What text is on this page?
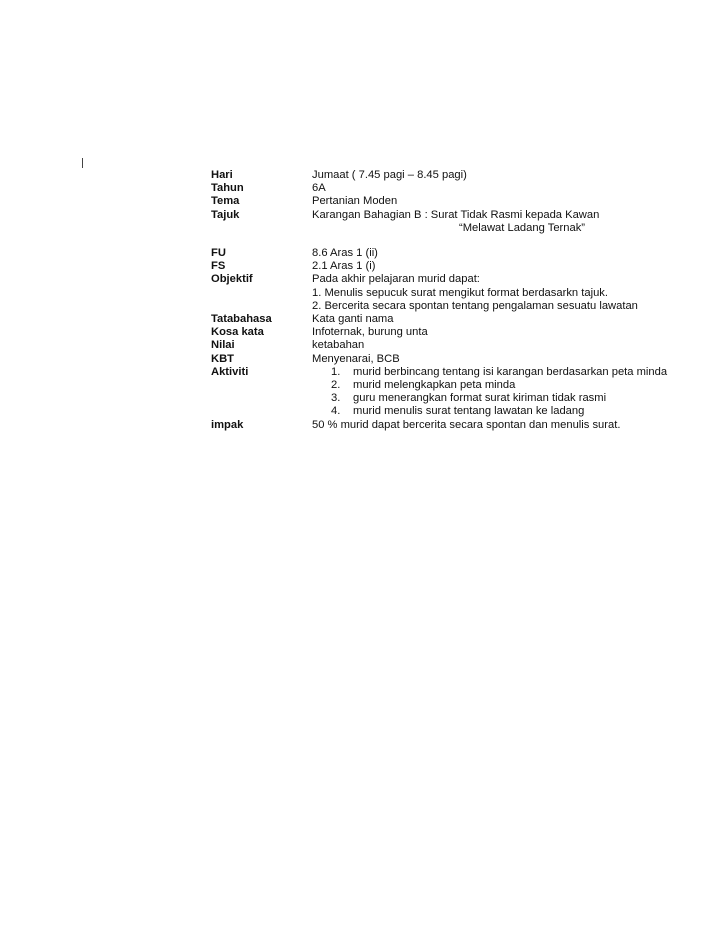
Hari	Jumaat ( 7.45 pagi – 8.45 pagi)
Tahun	6A
Tema	Pertanian Moden
Tajuk	Karangan Bahagian B : Surat Tidak Rasmi kepada Kawan
“Melawat Ladang Ternak”
FU	8.6 Aras 1 (ii)
FS	2.1 Aras 1 (i)
Objektif	Pada akhir pelajaran murid dapat:
1. Menulis sepucuk surat mengikut format berdasarkn tajuk.
2. Bercerita secara spontan tentang pengalaman sesuatu lawatan
Tatabahasa	Kata ganti nama
Kosa kata	Infoternak, burung unta
Nilai	ketabahan
KBT	Menyenarai, BCB
Aktiviti	1. murid berbincang tentang isi karangan berdasarkan peta minda
2. murid melengkapkan peta minda
3. guru menerangkan format surat kiriman tidak rasmi
4. murid menulis surat tentang lawatan ke ladang
impak	50 % murid dapat bercerita secara spontan dan menulis surat.
